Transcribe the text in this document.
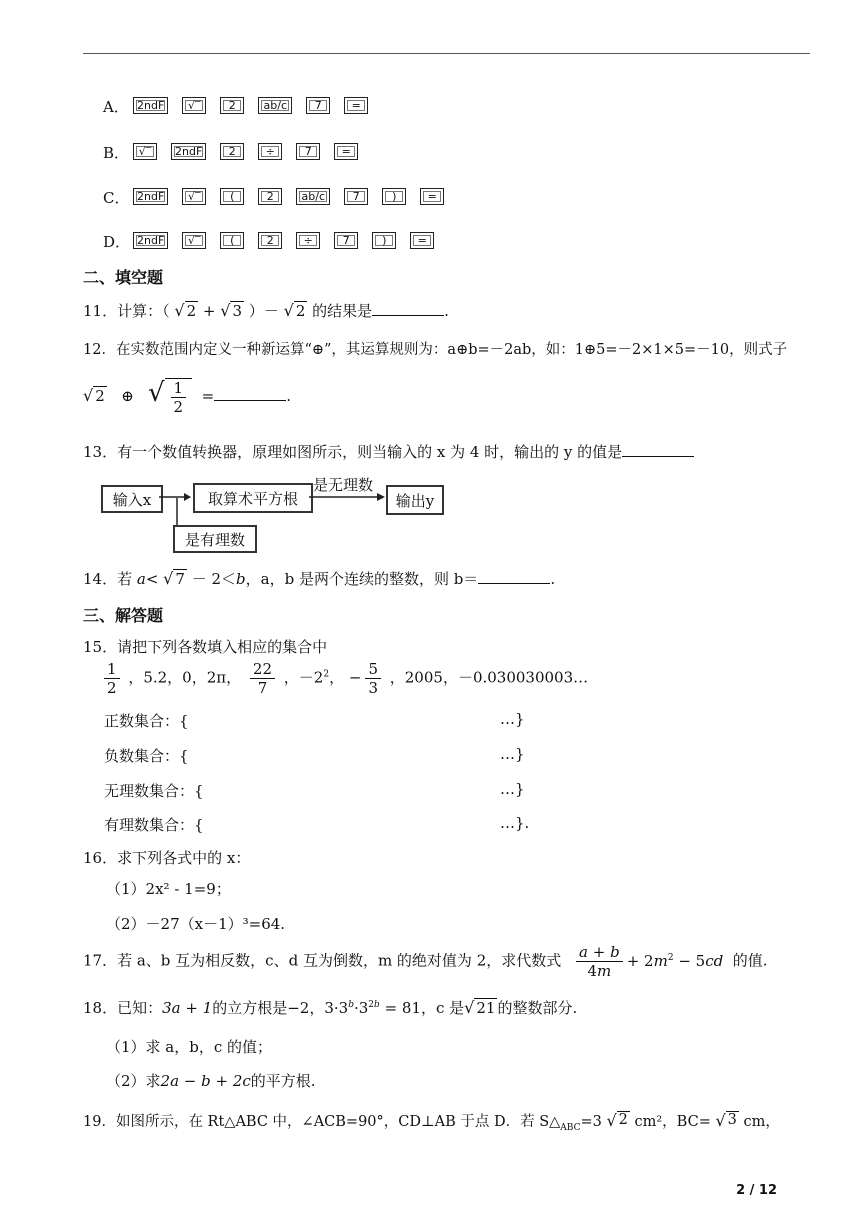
A． 2ndF	√‾	2	ab/c	7	=
B． √‾	2ndF	2	÷	7	=
C． 2ndF	√‾	(	2	ab/c	7	)	=
D． 2ndF	√‾	(	2	÷	7	)	=
二、填空题
11．计算：（ √ 2 + √ 3 ）－ √ 2 的结果是	.
12．在实数范围内定义一种新运算“⊕”，其运算规则为：a⊕b=－2ab，如：1⊕5=－2×1×5=－10，则式子
√ 2 ⊕ √ $\frac{1}{2}$ =	.
13．有一个数值转换器，原理如图所示，则当输入的 x 为 4 时，输出的 y 的值是
输入x	取算术平方根	输出y
是无理数
是有理数
14．若 a< √ 7 － 2＜b，a，b 是两个连续的整数，则 b＝	.
三、解答题
15．请把下列各数填入相应的集合中
$\frac{1}{2}$ ，5.2，0，2π， $\frac{22}{7}$ ，$-2^2$， − $\frac{5}{3}$ ，2005，－0.030030003…
正数集合：{	…}
负数集合：{	…}
无理数集合：{	…}
有理数集合：{	…}.
16．求下列各式中的 x：
（1）2x² - 1=9；
（2）－27（x－1）³=64.
17．若 a、b 互为相反数，c、d 互为倒数，m 的绝对值为 2，求代数式 $\frac{a + b}{4m} + 2m^2 - 5cd$ 的值.
18．已知：3a + 1的立方根是−2，$3\cdot 3^b\cdot 3^{2b} = 81$，c 是 √ 21 的整数部分.
（1）求 a，b，c 的值；
（2）求2a − b + 2c的平方根.
19．如图所示，在 Rt△ABC 中，∠ACB=90°，CD⊥AB 于点 D．若 $S\triangle_{ABC}=3$ √ 2 cm²，BC= √ 3 cm，
2 / 12
